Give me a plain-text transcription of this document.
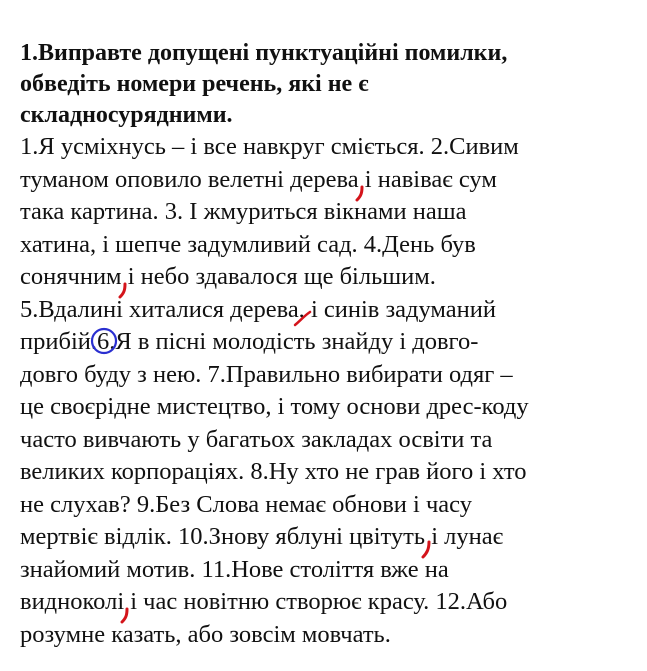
1.Виправте допущені пунктуаційні помилки,
обведіть номери речень, які не є
складносурядними.
1.Я усміхнусь – і все навкруг сміється. 2.Сивим
туманом оповило велетні дерева
і навіває сум
така картина. 3. І жмуриться вікнами наша
хатина, і шепче задумливий сад. 4.День був
сонячним
і небо здавалося ще більшим.
5.Вдалині хиталися дерева
, і синів задуманий
прибій.6
.Я в пісні молодість знайду і довго-
довго буду з нею. 7.Правильно вибирати одяг –
це своєрідне мистецтво, і тому основи дрес-коду
часто вивчають у багатьох закладах освіти та
великих корпораціях. 8.Ну хто не грав його і хто
не слухав? 9.Без Слова немає обнови і часу
мертвіє відлік. 10.Знову яблуні цвітуть
і лунає
знайомий мотив. 11.Нове століття вже на
видноколі
і час новітню створює красу. 12.Або
розумне казать, або зовсім мовчать.
